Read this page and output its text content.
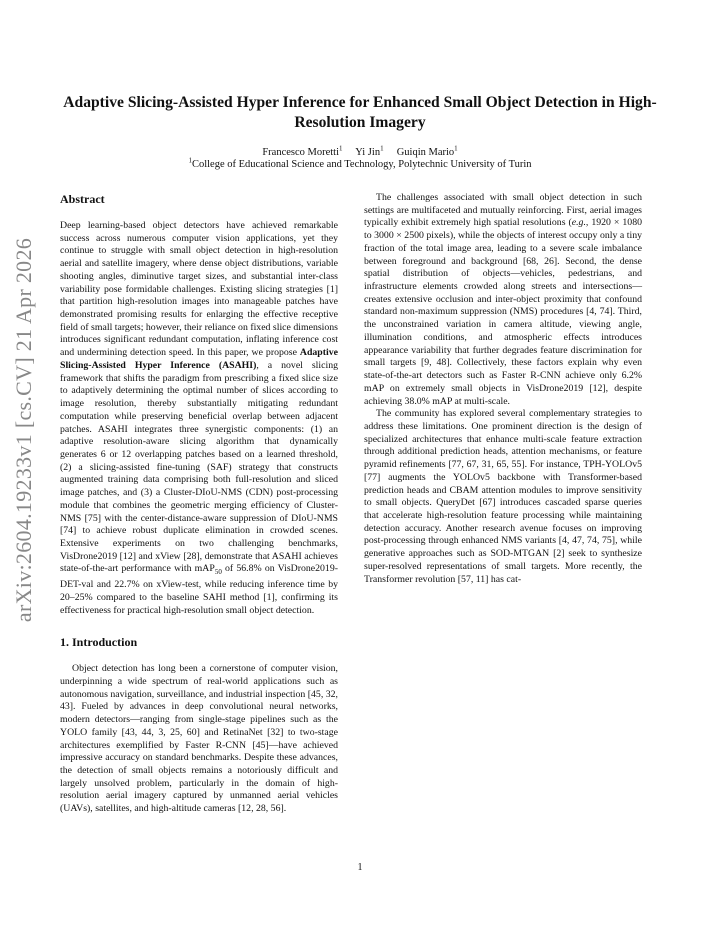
arXiv:2604.19233v1 [cs.CV] 21 Apr 2026
Adaptive Slicing-Assisted Hyper Inference for Enhanced Small Object Detection in High-Resolution Imagery
Francesco Moretti$^1$ Yi Jin$^1$ Guiqin Mario$^1$
$^1$College of Educational Science and Technology, Polytechnic University of Turin
Abstract

Deep learning-based object detectors have achieved remarkable success across numerous computer vision applications, yet they continue to struggle with small object detection in high-resolution aerial and satellite imagery, where dense object distributions, variable shooting angles, diminutive target sizes, and substantial inter-class variability pose formidable challenges. Existing slicing strategies [1] that partition high-resolution images into manageable patches have demonstrated promising results for enlarging the effective receptive field of small targets; however, their reliance on fixed slice dimensions introduces significant redundant computation, inflating inference cost and undermining detection speed. In this paper, we propose Adaptive Slicing-Assisted Hyper Inference (ASAHI), a novel slicing framework that shifts the paradigm from prescribing a fixed slice size to adaptively determining the optimal number of slices according to image resolution, thereby substantially mitigating redundant computation while preserving beneficial overlap between adjacent patches. ASAHI integrates three synergistic components: (1) an adaptive resolution-aware slicing algorithm that dynamically generates 6 or 12 overlapping patches based on a learned threshold, (2) a slicing-assisted fine-tuning (SAF) strategy that constructs augmented training data comprising both full-resolution and sliced image patches, and (3) a Cluster-DIoU-NMS (CDN) post-processing module that combines the geometric merging efficiency of Cluster-NMS [75] with the center-distance-aware suppression of DIoU-NMS [74] to achieve robust duplicate elimination in crowded scenes. Extensive experiments on two challenging benchmarks, VisDrone2019 [12] and xView [28], demonstrate that ASAHI achieves state-of-the-art performance with mAP$_{50}$ of 56.8% on VisDrone2019-DET-val and 22.7% on xView-test, while reducing inference time by 20–25% compared to the baseline SAHI method [1], confirming its effectiveness for practical high-resolution small object detection.

1. Introduction

Object detection has long been a cornerstone of computer vision, underpinning a wide spectrum of real-world applications such as autonomous navigation, surveillance, and industrial inspection [45, 32, 43]. Fueled by advances in deep convolutional neural networks, modern detectors—ranging from single-stage pipelines such as the YOLO family [43, 44, 3, 25, 60] and RetinaNet [32] to two-stage architectures exemplified by Faster R-CNN [45]—have achieved impressive accuracy on standard benchmarks. Despite these advances, the detection of small objects remains a notoriously difficult and largely unsolved problem, particularly in the domain of high-resolution aerial imagery captured by unmanned aerial vehicles (UAVs), satellites, and high-altitude cameras [12, 28, 56].

The challenges associated with small object detection in such settings are multifaceted and mutually reinforcing. First, aerial images typically exhibit extremely high spatial resolutions (e.g., 1920 × 1080 to 3000 × 2500 pixels), while the objects of interest occupy only a tiny fraction of the total image area, leading to a severe scale imbalance between foreground and background [68, 26]. Second, the dense spatial distribution of objects—vehicles, pedestrians, and infrastructure elements crowded along streets and intersections—creates extensive occlusion and inter-object proximity that confound standard non-maximum suppression (NMS) procedures [4, 74]. Third, the unconstrained variation in camera altitude, viewing angle, illumination conditions, and atmospheric effects introduces appearance variability that further degrades feature discrimination for small targets [9, 48]. Collectively, these factors explain why even state-of-the-art detectors such as Faster R-CNN achieve only 6.2% mAP on extremely small objects in VisDrone2019 [12], despite achieving 38.0% mAP at multi-scale.

The community has explored several complementary strategies to address these limitations. One prominent direction is the design of specialized architectures that enhance multi-scale feature extraction through additional prediction heads, attention mechanisms, or feature pyramid refinements [77, 67, 31, 65, 55]. For instance, TPH-YOLOv5 [77] augments the YOLOv5 backbone with Transformer-based prediction heads and CBAM attention modules to improve sensitivity to small objects. QueryDet [67] introduces cascaded sparse queries that accelerate high-resolution feature processing while maintaining detection accuracy. Another research avenue focuses on improving post-processing through enhanced NMS variants [4, 47, 74, 75], while generative approaches such as SOD-MTGAN [2] seek to synthesize super-resolved representations of small targets. More recently, the Transformer revolution [57, 11] has cat-

1
